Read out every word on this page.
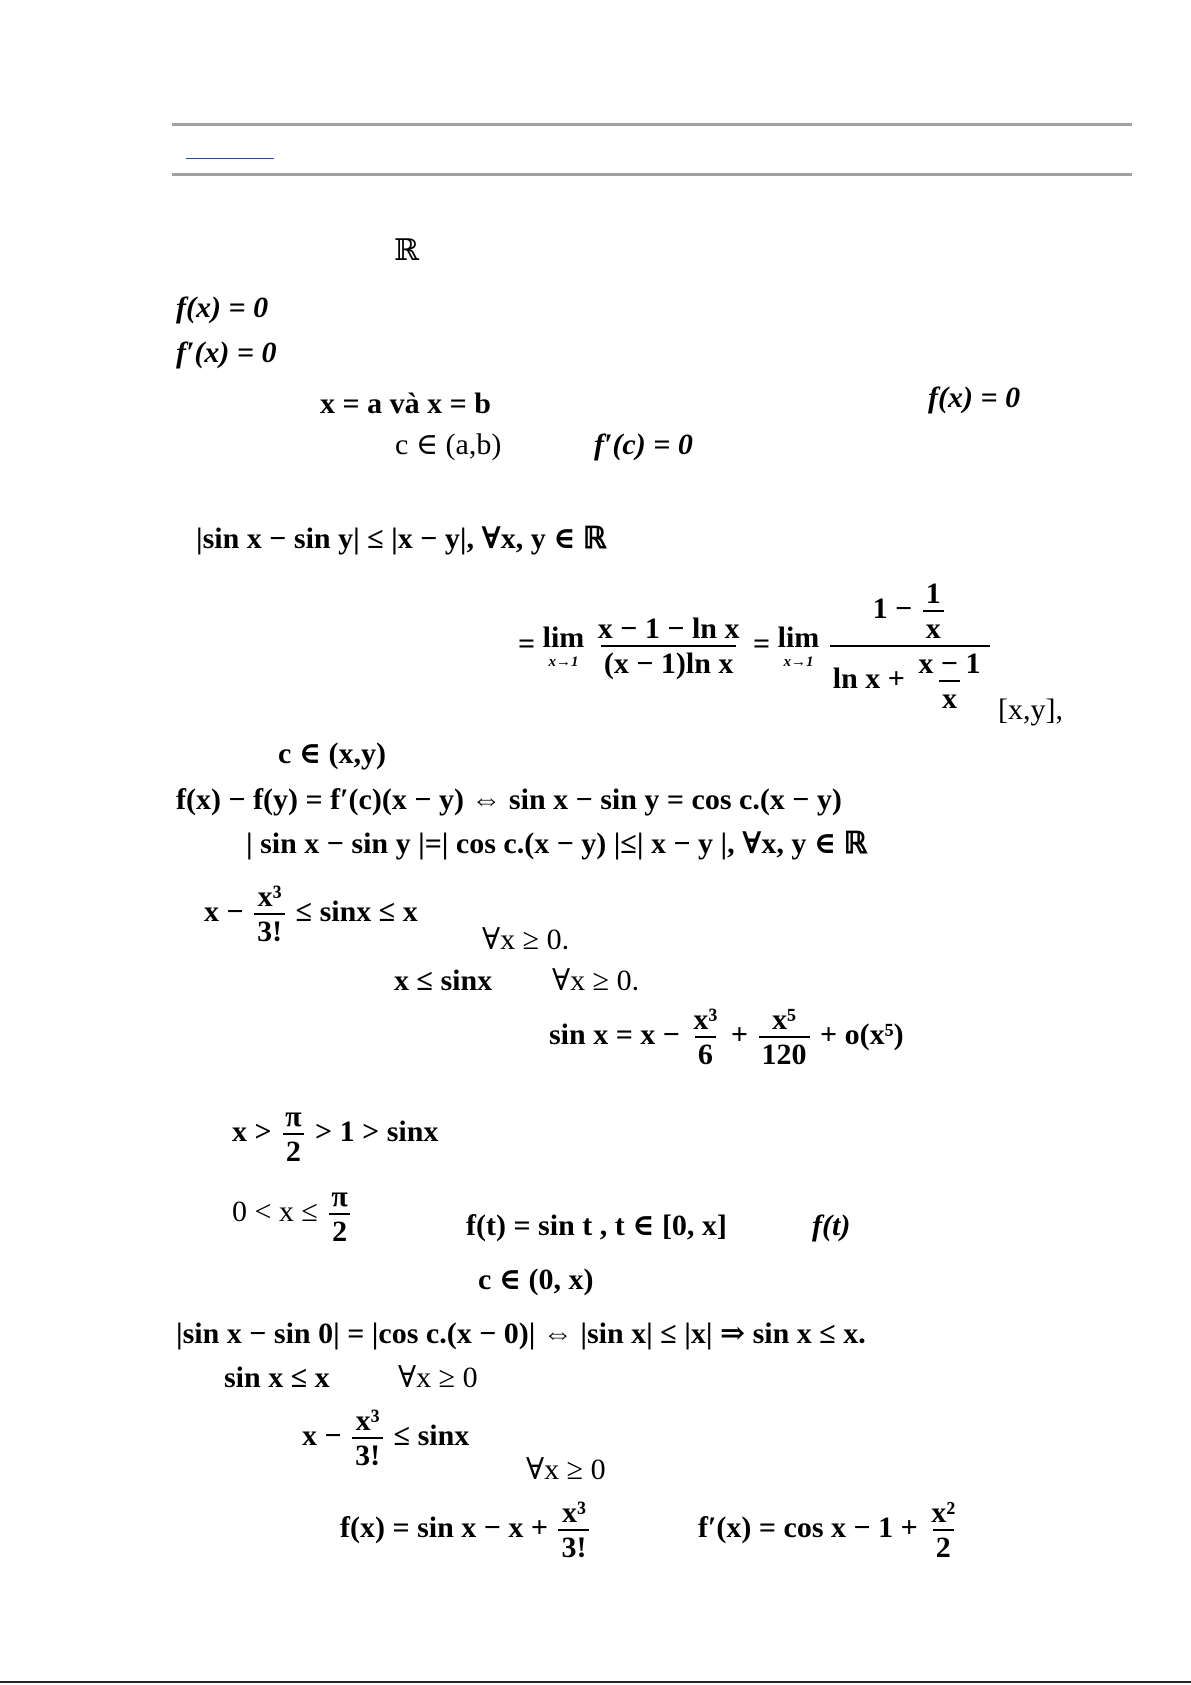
ℝ
f(x) = 0
f′(x) = 0
x = a và x = b	f(x) = 0
c ∈ (a,b)	f′(c) = 0
|sin x − sin y| ≤ |x − y|, ∀x, y ∈ ℝ
= lim
x→1
$\frac{\text{x − 1 − ln x}}{\text{(x − 1)ln x}} = \lim$
x→1
$\frac{1 - \frac{1}{x}}{\ln x + \frac{x - 1}{x}} [x,y]$,
c ∈ (x,y)
f(x) − f(y) = f′(c)(x − y) ⇔ sin x − sin y = cos c.(x − y)
| sin x − sin y |=| cos c.(x − y) |≤| x − y |, ∀x, y ∈ ℝ
$x - \frac{\text{x³}}{3!} \le \sin x \le x$
∀x ≥ 0.
x ≤ sinx ∀x ≥ 0.
$\sin x = x - \frac{\text{x³}}{6} + \frac{\text{x⁵}}{120} + o(x^5)$
$x > \frac{\pi}{2} > 1 > \sin x$
$0 < x \le \frac{\pi}{2}$	f(t) = sin t , t ∈ [0, x]	f(t)
c ∈ (0, x)
|sin x − sin 0| = |cos c.(x − 0)| ⇔ |sin x| ≤ |x| ⇒ sin x ≤ x.
sin x ≤ x ∀x ≥ 0
$x - \frac{\text{x³}}{3!} \le \sin x$
∀x ≥ 0
$f(x) = \sin x - x + \frac{\text{x³}}{3!}$	$f'(x) = \cos x - 1 + \frac{\text{x²}}{2}$
